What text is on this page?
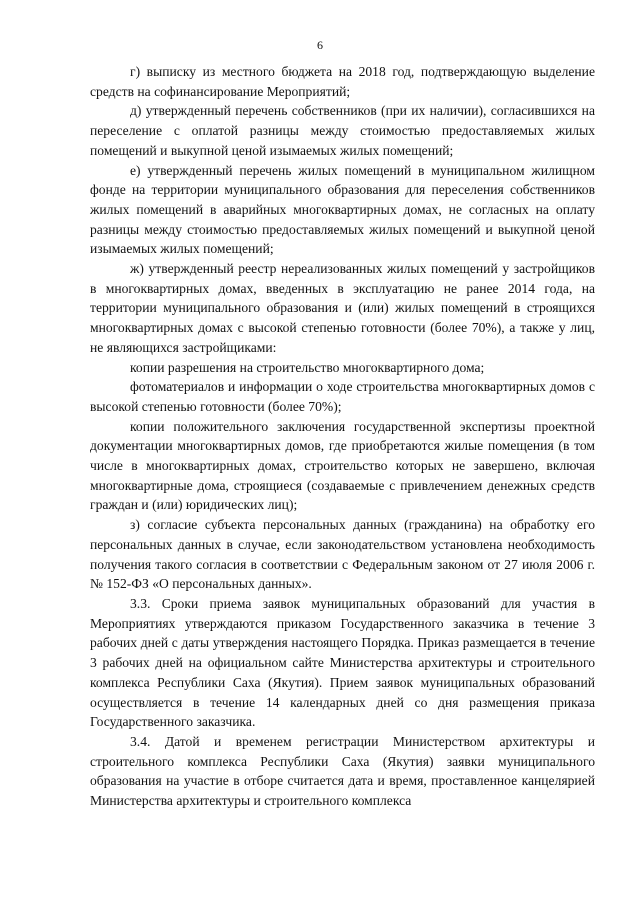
6

г) выписку из местного бюджета на 2018 год, подтверждающую выделение средств на софинансирование Мероприятий;

д) утвержденный перечень собственников (при их наличии), согласившихся на переселение с оплатой разницы между стоимостью предоставляемых жилых помещений и выкупной ценой изымаемых жилых помещений;

е) утвержденный перечень жилых помещений в муниципальном жилищном фонде на территории муниципального образования для переселения собственников жилых помещений в аварийных многоквартирных домах, не согласных на оплату разницы между стоимостью предоставляемых жилых помещений и выкупной ценой изымаемых жилых помещений;

ж) утвержденный реестр нереализованных жилых помещений у застройщиков в многоквартирных домах, введенных в эксплуатацию не ранее 2014 года, на территории муниципального образования и (или) жилых помещений в строящихся многоквартирных домах с высокой степенью готовности (более 70%), а также у лиц, не являющихся застройщиками:

копии разрешения на строительство многоквартирного дома;

фотоматериалов и информации о ходе строительства многоквартирных домов с высокой степенью готовности (более 70%);

копии положительного заключения государственной экспертизы проектной документации многоквартирных домов, где приобретаются жилые помещения (в том числе в многоквартирных домах, строительство которых не завершено, включая многоквартирные дома, строящиеся (создаваемые с привлечением денежных средств граждан и (или) юридических лиц);

з) согласие субъекта персональных данных (гражданина) на обработку его персональных данных в случае, если законодательством установлена необходимость получения такого согласия в соответствии с Федеральным законом от 27 июля 2006 г. № 152-ФЗ «О персональных данных».

3.3. Сроки приема заявок муниципальных образований для участия в Мероприятиях утверждаются приказом Государственного заказчика в течение 3 рабочих дней с даты утверждения настоящего Порядка. Приказ размещается в течение 3 рабочих дней на официальном сайте Министерства архитектуры и строительного комплекса Республики Саха (Якутия). Прием заявок муниципальных образований осуществляется в течение 14 календарных дней со дня размещения приказа Государственного заказчика.

3.4. Датой и временем регистрации Министерством архитектуры и строительного комплекса Республики Саха (Якутия) заявки муниципального образования на участие в отборе считается дата и время, проставленное канцелярией Министерства архитектуры и строительного комплекса
